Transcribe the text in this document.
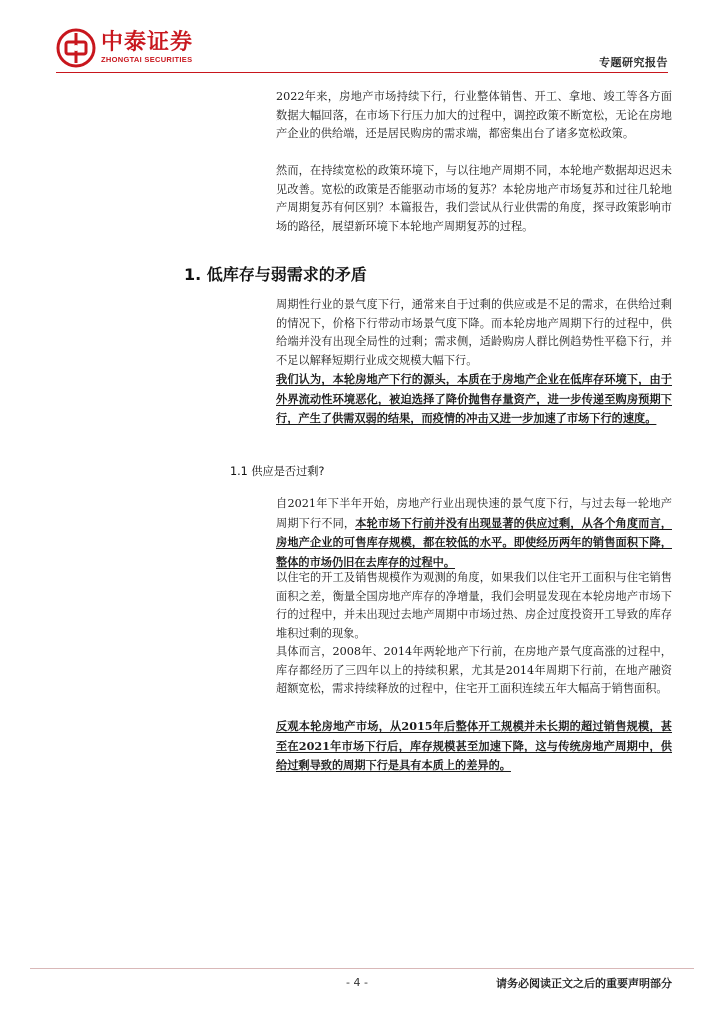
中泰证券
ZHONGTAI SECURITIES	专题研究报告

2022年来，房地产市场持续下行，行业整体销售、开工、拿地、竣工等各方面数据大幅回落，在市场下行压力加大的过程中，调控政策不断宽松，无论在房地产企业的供给端，还是居民购房的需求端，都密集出台了诸多宽松政策。

然而，在持续宽松的政策环境下，与以往地产周期不同，本轮地产数据却迟迟未见改善。宽松的政策是否能驱动市场的复苏？本轮房地产市场复苏和过往几轮地产周期复苏有何区别？本篇报告，我们尝试从行业供需的角度，探寻政策影响市场的路径，展望新环境下本轮地产周期复苏的过程。

1. 低库存与弱需求的矛盾

周期性行业的景气度下行，通常来自于过剩的供应或是不足的需求，在供给过剩的情况下，价格下行带动市场景气度下降。而本轮房地产周期下行的过程中，供给端并没有出现全局性的过剩；需求侧，适龄购房人群比例趋势性平稳下行，并不足以解释短期行业成交规模大幅下行。

我们认为，本轮房地产下行的源头，本质在于房地产企业在低库存环境下，由于外界流动性环境恶化，被迫选择了降价抛售存量资产，进一步传递至购房预期下行，产生了供需双弱的结果，而疫情的冲击又进一步加速了市场下行的速度。

1.1 供应是否过剩?

自2021年下半年开始，房地产行业出现快速的景气度下行，与过去每一轮地产周期下行不同，本轮市场下行前并没有出现显著的供应过剩，从各个角度而言，房地产企业的可售库存规模，都在较低的水平。即使经历两年的销售面积下降，整体的市场仍旧在去库存的过程中。

以住宅的开工及销售规模作为观测的角度，如果我们以住宅开工面积与住宅销售面积之差，衡量全国房地产库存的净增量，我们会明显发现在本轮房地产市场下行的过程中，并未出现过去地产周期中市场过热、房企过度投资开工导致的库存堆积过剩的现象。

具体而言，2008年、2014年两轮地产下行前，在房地产景气度高涨的过程中，库存都经历了三四年以上的持续积累，尤其是2014年周期下行前，在地产融资超额宽松，需求持续释放的过程中，住宅开工面积连续五年大幅高于销售面积。

反观本轮房地产市场，从2015年后整体开工规模并未长期的超过销售规模，甚至在2021年市场下行后，库存规模甚至加速下降，这与传统房地产周期中，供给过剩导致的周期下行是具有本质上的差异的。

- 4 -	请务必阅读正文之后的重要声明部分
